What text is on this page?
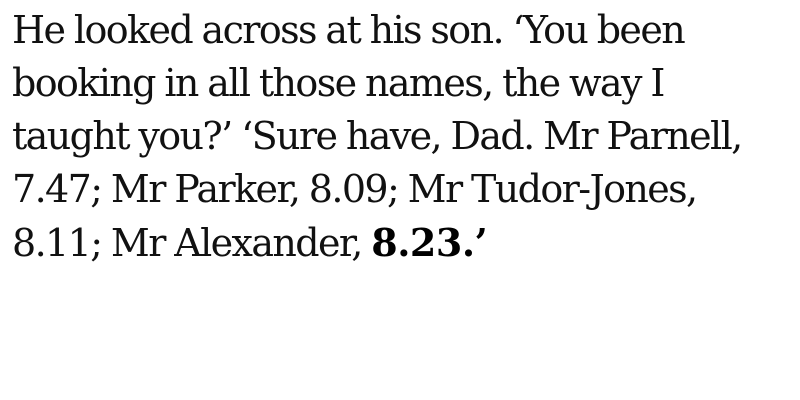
He looked across at his son. ‘You been
booking in all those names, the way I
taught you?’ ‘Sure have, Dad. Mr Parnell,
7.47; Mr Parker, 8.09; Mr Tudor-Jones,
8.11; Mr Alexander, 8.23.’
